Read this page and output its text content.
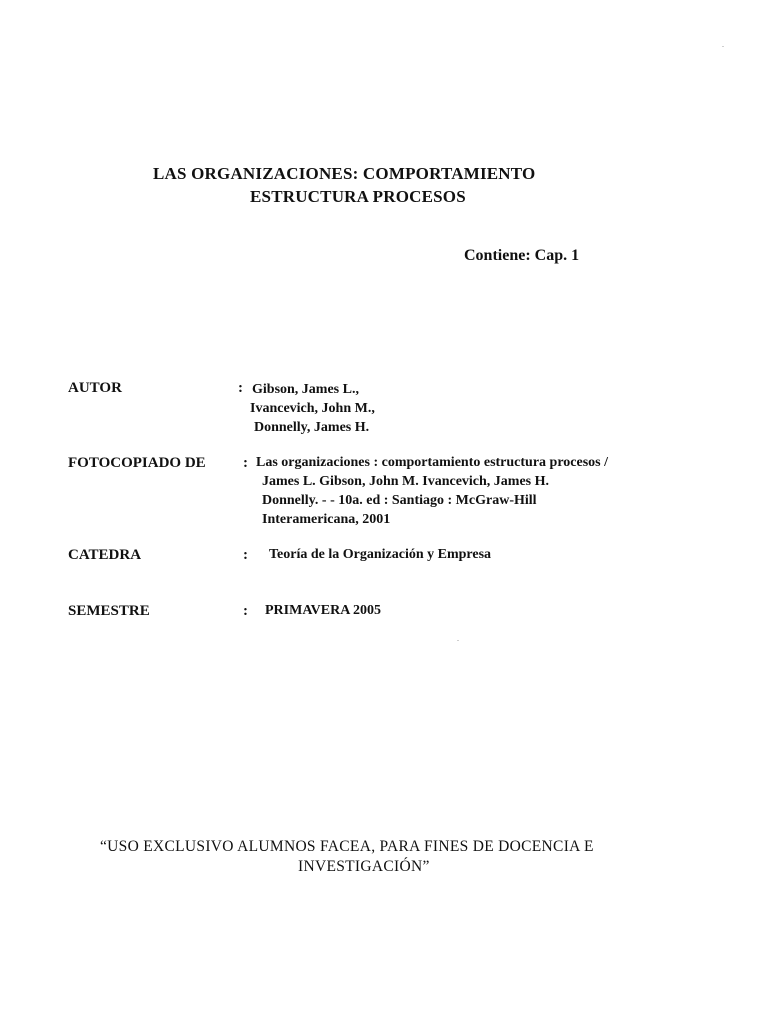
LAS ORGANIZACIONES: COMPORTAMIENTO
ESTRUCTURA PROCESOS
Contiene: Cap. 1
AUTOR	: Gibson, James L.,
Ivancevich, John M.,
Donnelly, James H.
FOTOCOPIADO DE : Las organizaciones : comportamiento estructura procesos /
James L. Gibson, John M. Ivancevich, James H.
Donnelly. - - 10a. ed : Santiago : McGraw-Hill
Interamericana, 2001
CATEDRA	: Teoría de la Organización y Empresa
SEMESTRE	: PRIMAVERA 2005
“USO EXCLUSIVO ALUMNOS FACEA, PARA FINES DE DOCENCIA E
INVESTIGACIÓN”
